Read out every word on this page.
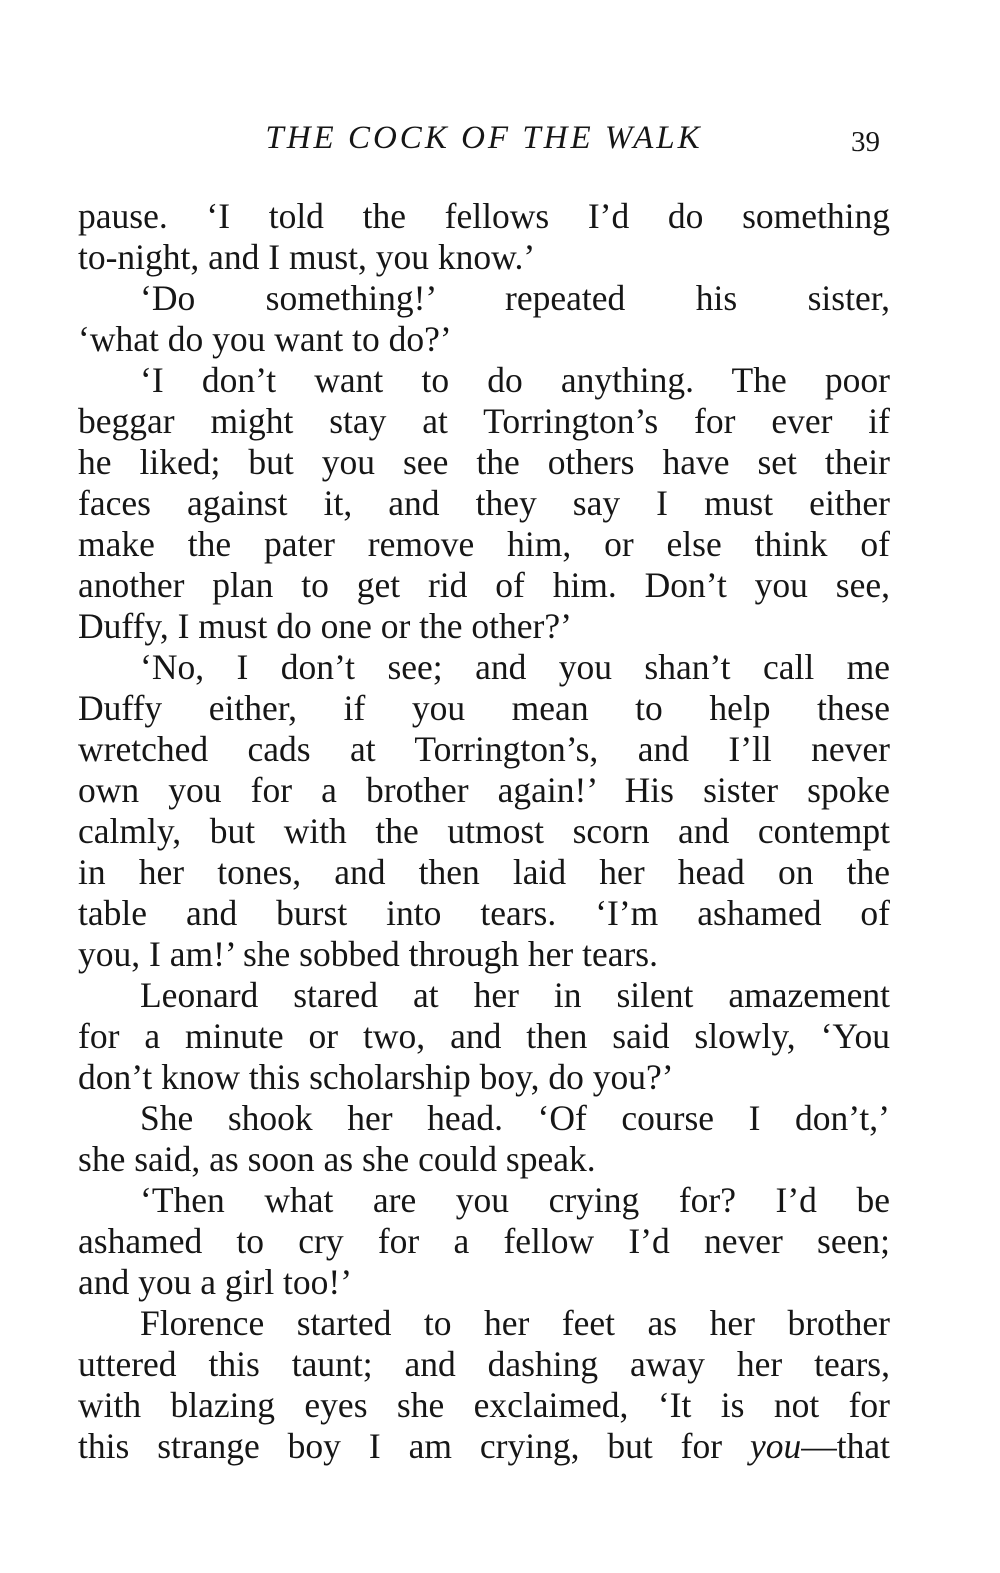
THE COCK OF THE WALK	39
pause. ‘I told the fellows I’d do something
to-night, and I must, you know.’
‘Do something!’ repeated his sister,
‘what do you want to do?’
‘I don’t want to do anything. The poor
beggar might stay at Torrington’s for ever if
he liked; but you see the others have set their
faces against it, and they say I must either
make the pater remove him, or else think of
another plan to get rid of him. Don’t you see,
Duffy, I must do one or the other?’
‘No, I don’t see; and you shan’t call me
Duffy either, if you mean to help these
wretched cads at Torrington’s, and I’ll never
own you for a brother again!’ His sister spoke
calmly, but with the utmost scorn and contempt
in her tones, and then laid her head on the
table and burst into tears. ‘I’m ashamed of
you, I am!’ she sobbed through her tears.
Leonard stared at her in silent amazement
for a minute or two, and then said slowly, ‘You
don’t know this scholarship boy, do you?’
She shook her head. ‘Of course I don’t,’
she said, as soon as she could speak.
‘Then what are you crying for? I’d be
ashamed to cry for a fellow I’d never seen;
and you a girl too!’
Florence started to her feet as her brother
uttered this taunt; and dashing away her tears,
with blazing eyes she exclaimed, ‘It is not for
this strange boy I am crying, but for you—that
